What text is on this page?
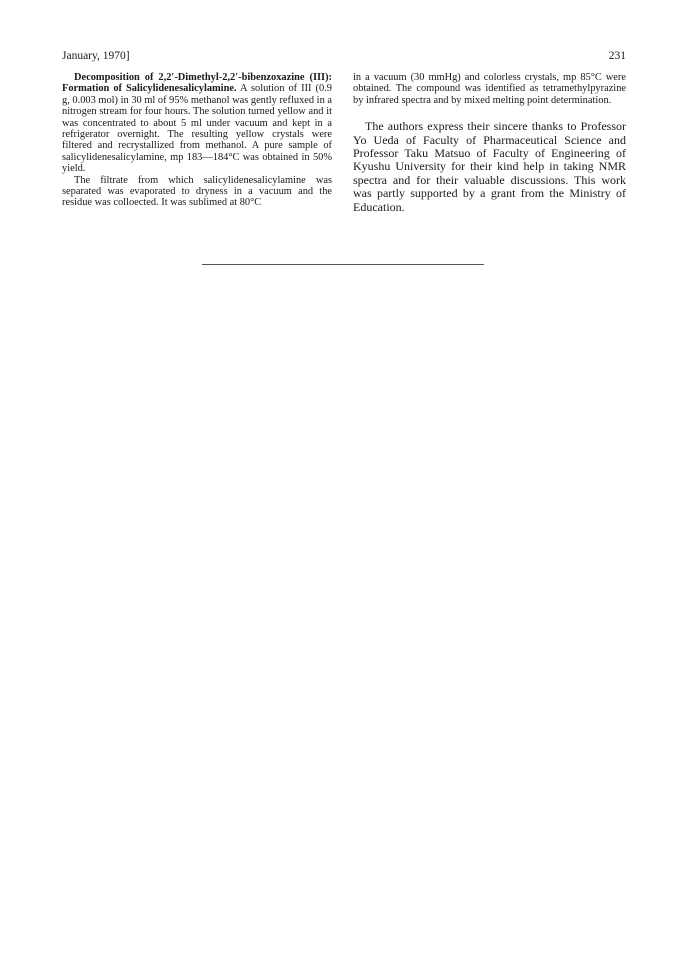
January, 1970]	231

Decomposition of 2,2′-Dimethyl-2,2′-bibenzoxazine (III): Formation of Salicylidenesalicylamine. A solution of III (0.9 g, 0.003 mol) in 30 ml of 95% methanol was gently refluxed in a nitrogen stream for four hours. The solution turned yellow and it was concentrated to about 5 ml under vacuum and kept in a refrigerator overnight. The resulting yellow crystals were filtered and recrystallized from methanol. A pure sample of salicylidenesalicylamine, mp 183—184°C was obtained in 50% yield.

The filtrate from which salicylidenesalicylamine was separated was evaporated to dryness in a vacuum and the residue was colloected. It was sublimed at 80°C

in a vacuum (30 mmHg) and colorless crystals, mp 85°C were obtained. The compound was identified as tetramethylpyrazine by infrared spectra and by mixed melting point determination.

The authors express their sincere thanks to Professor Yo Ueda of Faculty of Pharmaceutical Science and Professor Taku Matsuo of Faculty of Engineering of Kyushu University for their kind help in taking NMR spectra and for their valuable discussions. This work was partly supported by a grant from the Ministry of Education.
